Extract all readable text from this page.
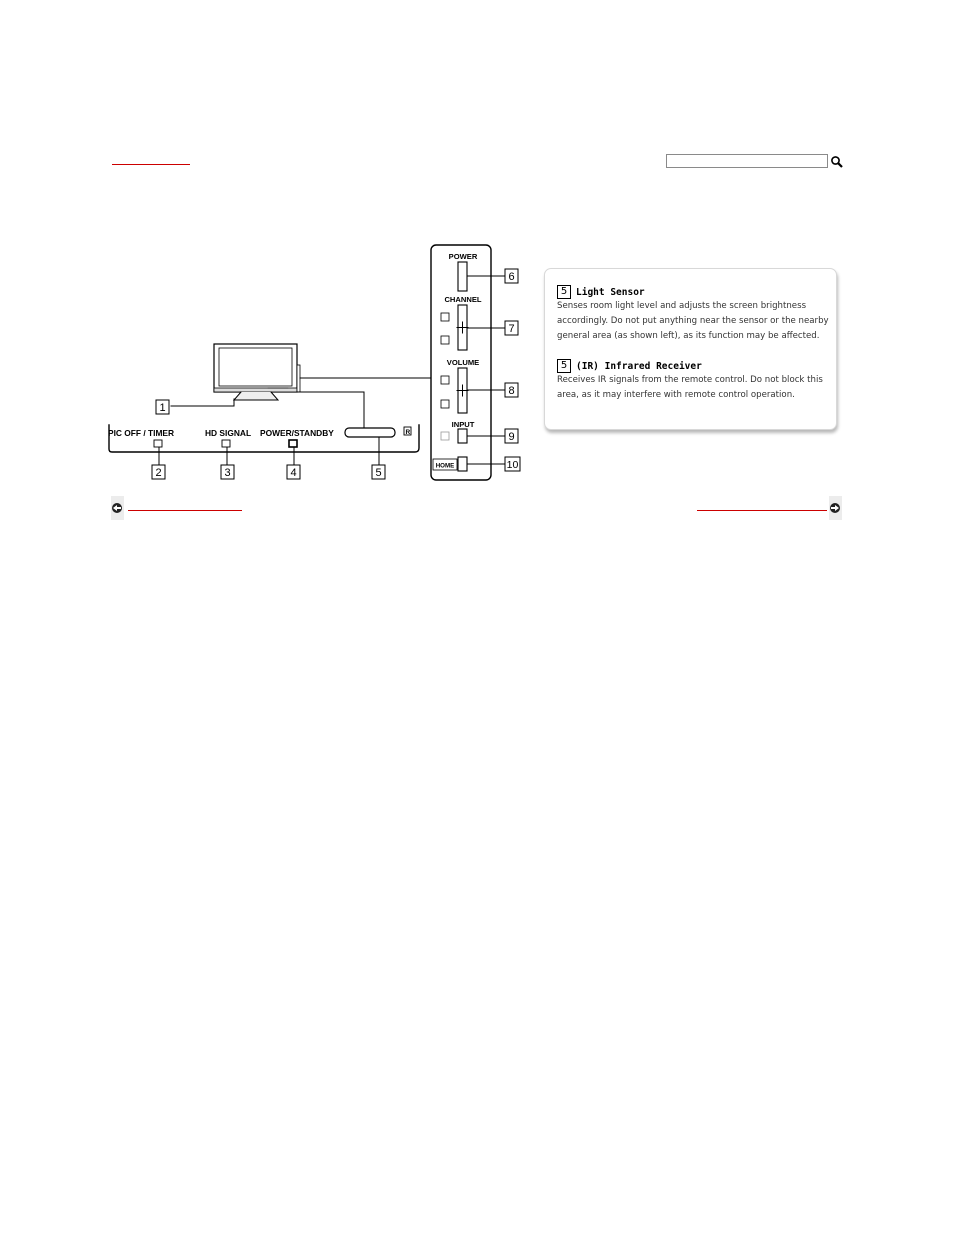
PIC OFF / TIMER	HD SIGNAL POWER/STANDBY	R
1
2	3	4	5
POWER
CHANNEL
VOLUME
INPUT
HOME
6
7
8
9
10
5 Light Sensor
Senses room light level and adjusts the screen brightness accordingly. Do not put anything near the sensor or the nearby general area (as shown left), as its function may be affected.
5 (IR) Infrared Receiver
Receives IR signals from the remote control. Do not block this area, as it may interfere with remote control operation.
